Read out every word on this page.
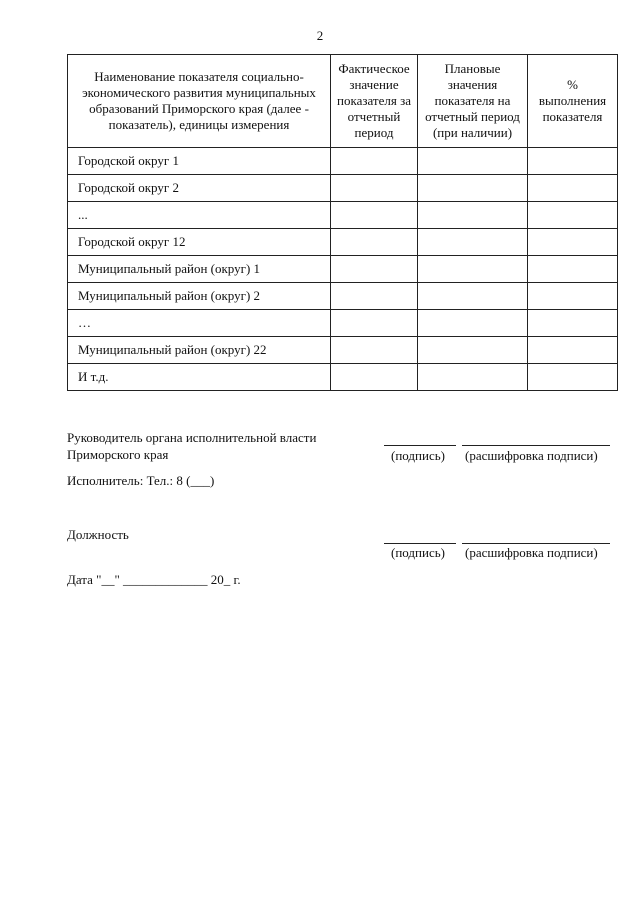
2
Наименование показателя социально-экономического развития муниципальных образований Приморского края (далее - показатель), единицы измерения	Фактическое значение показателя за отчетный период	Плановые значения показателя на отчетный период (при наличии)	% выполнения показателя
Городской округ 1			
Городской округ 2			
...			
Городской округ 12			
Муниципальный район (округ) 1			
Муниципальный район (округ) 2			
…			
Муниципальный район (округ) 22			
И т.д.			
Руководитель органа исполнительной власти
Приморского края	(подпись) (расшифровка подписи)
Исполнитель: Тел.: 8 (___)
Должность
(подпись) (расшифровка подписи)
Дата "__" _____________ 20_ г.
